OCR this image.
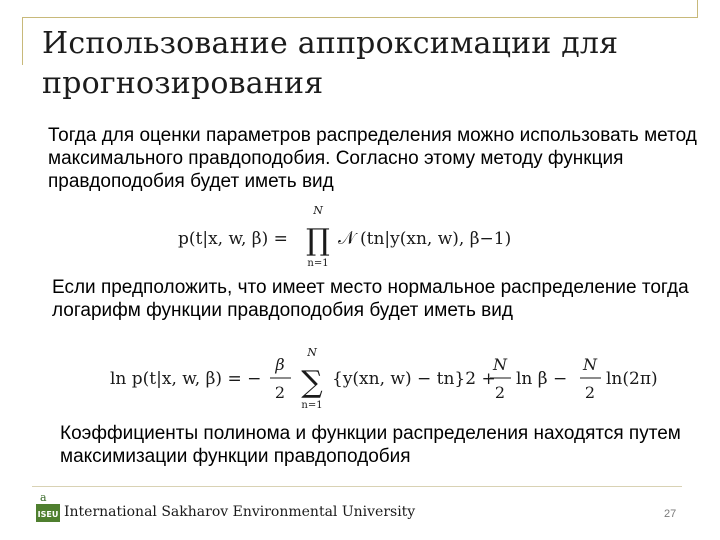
Использование аппроксимации для прогнозирования
Тогда для оценки параметров распределения можно использовать метод максимального правдоподобия. Согласно этому методу функция правдоподобия будет иметь вид
p(t|x, w, β) =
N
∏
n=1
𝒩 (tn|y(xn, w), β−1)
Если предположить, что имеет место нормальное распределение тогда логарифм функции правдоподобия будет иметь вид
ln p(t|x, w, β) = −
β
2
N
∑
n=1
{y(xn, w) − tn}2 +
N
2
ln β −
N
2
ln(2π)
Коэффициенты полинома и функции распределения находятся путем максимизации функции правдоподобия
a
ISEU International Sakharov Environmental University	27
